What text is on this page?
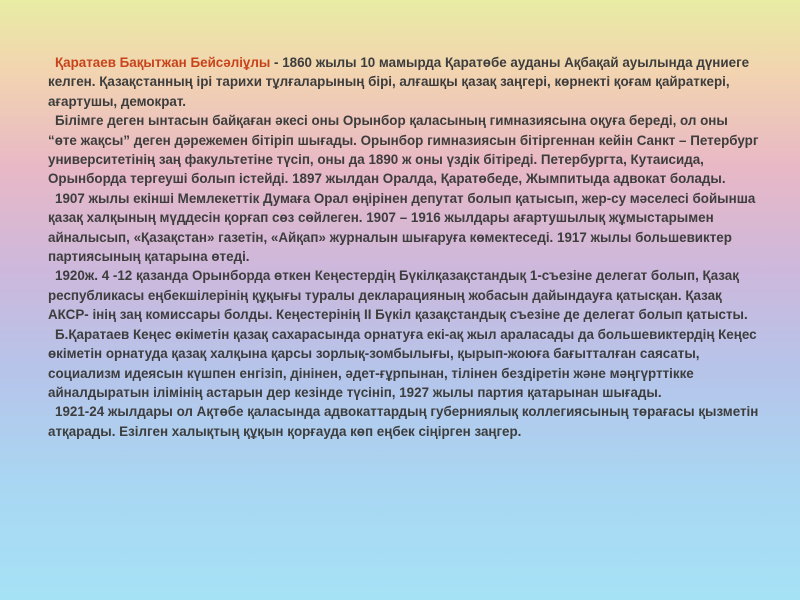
Қаратаев Бақытжан Бейсәліұлы - 1860 жылы 10 мамырда Қаратөбе ауданы Ақбақай ауылында дүниеге келген. Қазақстанның ірі тарихи тұлғаларының бірі, алғашқы қазақ заңгері, көрнекті қоғам қайраткері, ағартушы, демократ.

Білімге деген ынтасын байқаған әкесі оны Орынбор қаласының гимназиясына оқуға береді, ол оны “өте жақсы” деген дәрежемен бітіріп шығады. Орынбор гимназиясын бітіргеннан кейін Санкт – Петербург университетінің заң факультетіне түсіп, оны да 1890 ж оны үздік бітіреді. Петербургта, Кутаисида, Орынборда тергеуші болып істейді. 1897 жылдан Оралда, Қаратөбеде, Жымпитыда адвокат болады.

1907 жылы екінші Мемлекеттік Думаға Орал өңірінен депутат болып қатысып, жер-су мәселесі бойынша қазақ халқының мүддесін қорғап сөз сөйлеген. 1907 – 1916 жылдары ағартушылық жұмыстарымен айналысып, «Қазақстан» газетін, «Айқап» журналын шығаруға көмектеседі. 1917 жылы большевиктер партиясының қатарына өтеді.

1920ж. 4 -12 қазанда Орынборда өткен Кеңестердің Бүкілқазақстандық 1-съезіне делегат болып, Қазақ республикасы еңбекшілерінің құқығы туралы декларацияның жобасын дайындауға қатысқан. Қазақ АКСР- інің заң комиссары болды. Кеңестерінің ІІ Бүкіл қазақстандық съезіне де делегат болып қатысты.

Б.Қаратаев Кеңес өкіметін қазақ сахарасында орнатуға екі-ақ жыл араласады да большевиктердің Кеңес өкіметін орнатуда қазақ халқына қарсы зорлық-зомбылығы, қырып-жоюға бағытталған саясаты, социализм идеясын күшпен енгізіп, дінінен, әдет-ғұрпынан, тілінен бездіретін және мәңгүрттікке айналдыратын ілімінің астарын дер кезінде түсініп, 1927 жылы партия қатарынан шығады.

1921-24 жылдары ол Ақтөбе қаласында адвокаттардың губерниялық коллегиясының төрағасы қызметін атқарады. Езілген халықтың құқын қорғауда көп еңбек сіңірген заңгер.
